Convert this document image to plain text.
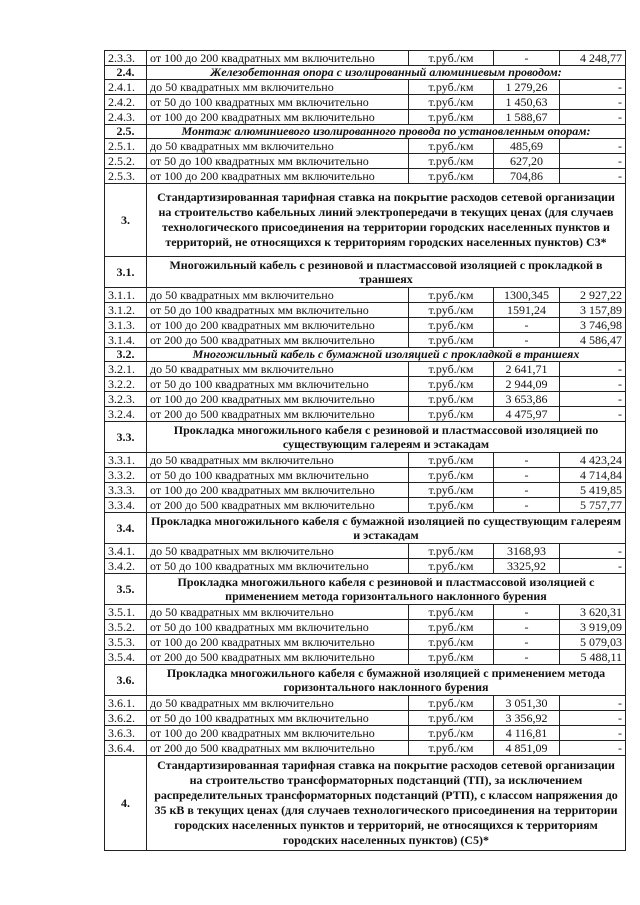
2.3.3.	от 100 до 200 квадратных мм включительно	т.руб./км	-	4 248,77
2.4.	Железобетонная опора с изолированный алюминиевым проводом:			
2.4.1.	до 50 квадратных мм включительно	т.руб./км	1 279,26	-
2.4.2.	от 50 до 100 квадратных мм включительно	т.руб./км	1 450,63	-
2.4.3.	от 100 до 200 квадратных мм включительно	т.руб./км	1 588,67	-
2.5.	Монтаж алюминиевого изолированного провода по установленным опорам:			
2.5.1.	до 50 квадратных мм включительно	т.руб./км	485,69	-
2.5.2.	от 50 до 100 квадратных мм включительно	т.руб./км	627,20	-
2.5.3.	от 100 до 200 квадратных мм включительно	т.руб./км	704,86	-
3.	Стандартизированная тарифная ставка на покрытие расходов сетевой организации на строительство кабельных линий электропередачи в текущих ценах (для случаев технологического присоединения на территории городских населенных пунктов и территорий, не относящихся к территориям городских населенных пунктов) С3*			
3.1.	Многожильный кабель с резиновой и пластмассовой изоляцией с прокладкой в траншеях			
3.1.1.	до 50 квадратных мм включительно	т.руб./км	1300,345	2 927,22
3.1.2.	от 50 до 100 квадратных мм включительно	т.руб./км	1591,24	3 157,89
3.1.3.	от 100 до 200 квадратных мм включительно	т.руб./км	-	3 746,98
3.1.4.	от 200 до 500 квадратных мм включительно	т.руб./км	-	4 586,47
3.2.	Многожильный кабель с бумажной изоляцией с прокладкой в траншеях			
3.2.1.	до 50 квадратных мм включительно	т.руб./км	2 641,71	-
3.2.2.	от 50 до 100 квадратных мм включительно	т.руб./км	2 944,09	-
3.2.3.	от 100 до 200 квадратных мм включительно	т.руб./км	3 653,86	-
3.2.4.	от 200 до 500 квадратных мм включительно	т.руб./км	4 475,97	-
3.3.	Прокладка многожильного кабеля с резиновой и пластмассовой изоляцией по существующим галереям и эстакадам			
3.3.1.	до 50 квадратных мм включительно	т.руб./км	-	4 423,24
3.3.2.	от 50 до 100 квадратных мм включительно	т.руб./км	-	4 714,84
3.3.3.	от 100 до 200 квадратных мм включительно	т.руб./км	-	5 419,85
3.3.4.	от 200 до 500 квадратных мм включительно	т.руб./км	-	5 757,77
3.4.	Прокладка многожильного кабеля с бумажной изоляцией по существующим галереям и эстакадам			
3.4.1.	до 50 квадратных мм включительно	т.руб./км	3168,93	-
3.4.2.	от 50 до 100 квадратных мм включительно	т.руб./км	3325,92	-
3.5.	Прокладка многожильного кабеля с резиновой и пластмассовой изоляцией с применением метода горизонтального наклонного бурения			
3.5.1.	до 50 квадратных мм включительно	т.руб./км	-	3 620,31
3.5.2.	от 50 до 100 квадратных мм включительно	т.руб./км	-	3 919,09
3.5.3.	от 100 до 200 квадратных мм включительно	т.руб./км	-	5 079,03
3.5.4.	от 200 до 500 квадратных мм включительно	т.руб./км	-	5 488,11
3.6.	Прокладка многожильного кабеля с бумажной изоляцией с применением метода горизонтального наклонного бурения			
3.6.1.	до 50 квадратных мм включительно	т.руб./км	3 051,30	-
3.6.2.	от 50 до 100 квадратных мм включительно	т.руб./км	3 356,92	-
3.6.3.	от 100 до 200 квадратных мм включительно	т.руб./км	4 116,81	-
3.6.4.	от 200 до 500 квадратных мм включительно	т.руб./км	4 851,09	-
4.	Стандартизированная тарифная ставка на покрытие расходов сетевой организации на строительство трансформаторных подстанций (ТП), за исключением распределительных трансформаторных подстанций (РТП), с классом напряжения до 35 кВ в текущих ценах (для случаев технологического присоединения на территории городских населенных пунктов и территорий, не относящихся к территориям городских населенных пунктов) (С5)*			
